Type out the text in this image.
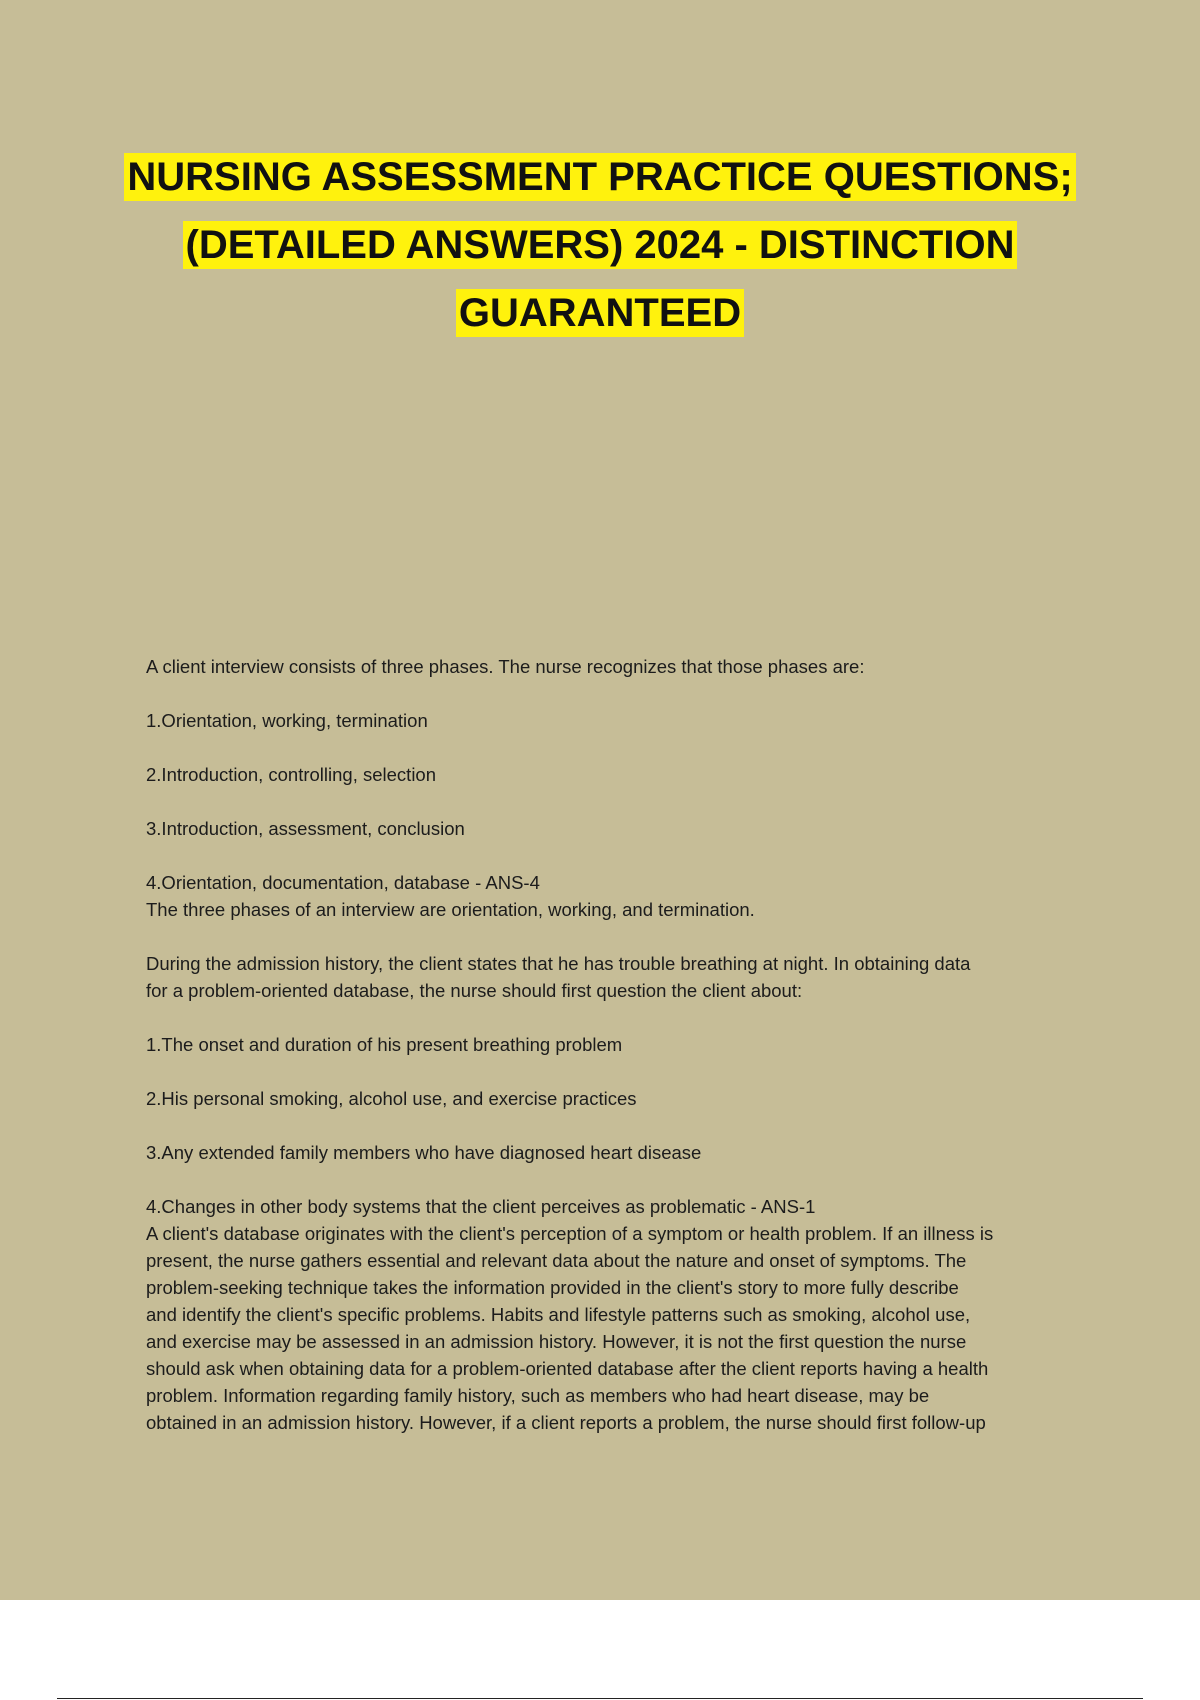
NURSING ASSESSMENT PRACTICE QUESTIONS;
(DETAILED ANSWERS) 2024 - DISTINCTION
GUARANTEED

A client interview consists of three phases. The nurse recognizes that those phases are:

1.Orientation, working, termination

2.Introduction, controlling, selection

3.Introduction, assessment, conclusion

4.Orientation, documentation, database - ANS-4
The three phases of an interview are orientation, working, and termination.

During the admission history, the client states that he has trouble breathing at night. In obtaining data
for a problem-oriented database, the nurse should first question the client about:

1.The onset and duration of his present breathing problem

2.His personal smoking, alcohol use, and exercise practices

3.Any extended family members who have diagnosed heart disease

4.Changes in other body systems that the client perceives as problematic - ANS-1
A client's database originates with the client's perception of a symptom or health problem. If an illness is
present, the nurse gathers essential and relevant data about the nature and onset of symptoms. The
problem-seeking technique takes the information provided in the client's story to more fully describe
and identify the client's specific problems. Habits and lifestyle patterns such as smoking, alcohol use,
and exercise may be assessed in an admission history. However, it is not the first question the nurse
should ask when obtaining data for a problem-oriented database after the client reports having a health
problem. Information regarding family history, such as members who had heart disease, may be
obtained in an admission history. However, if a client reports a problem, the nurse should first follow-up
